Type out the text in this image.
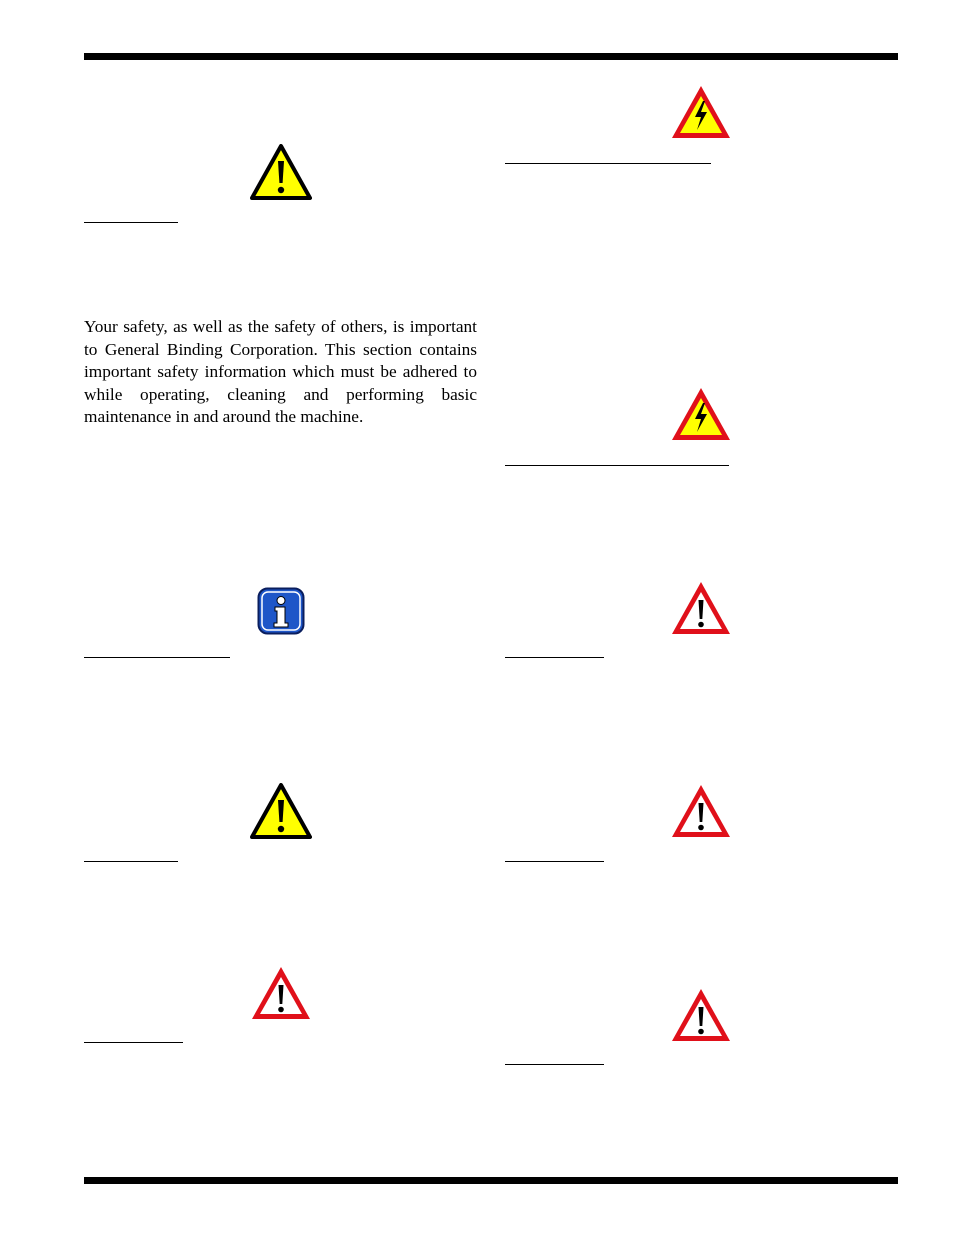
Your safety, as well as the safety of others, is important to General Binding Corporation. This section contains important safety information which must be adhered to while operating, cleaning and performing basic maintenance in and around the machine.
